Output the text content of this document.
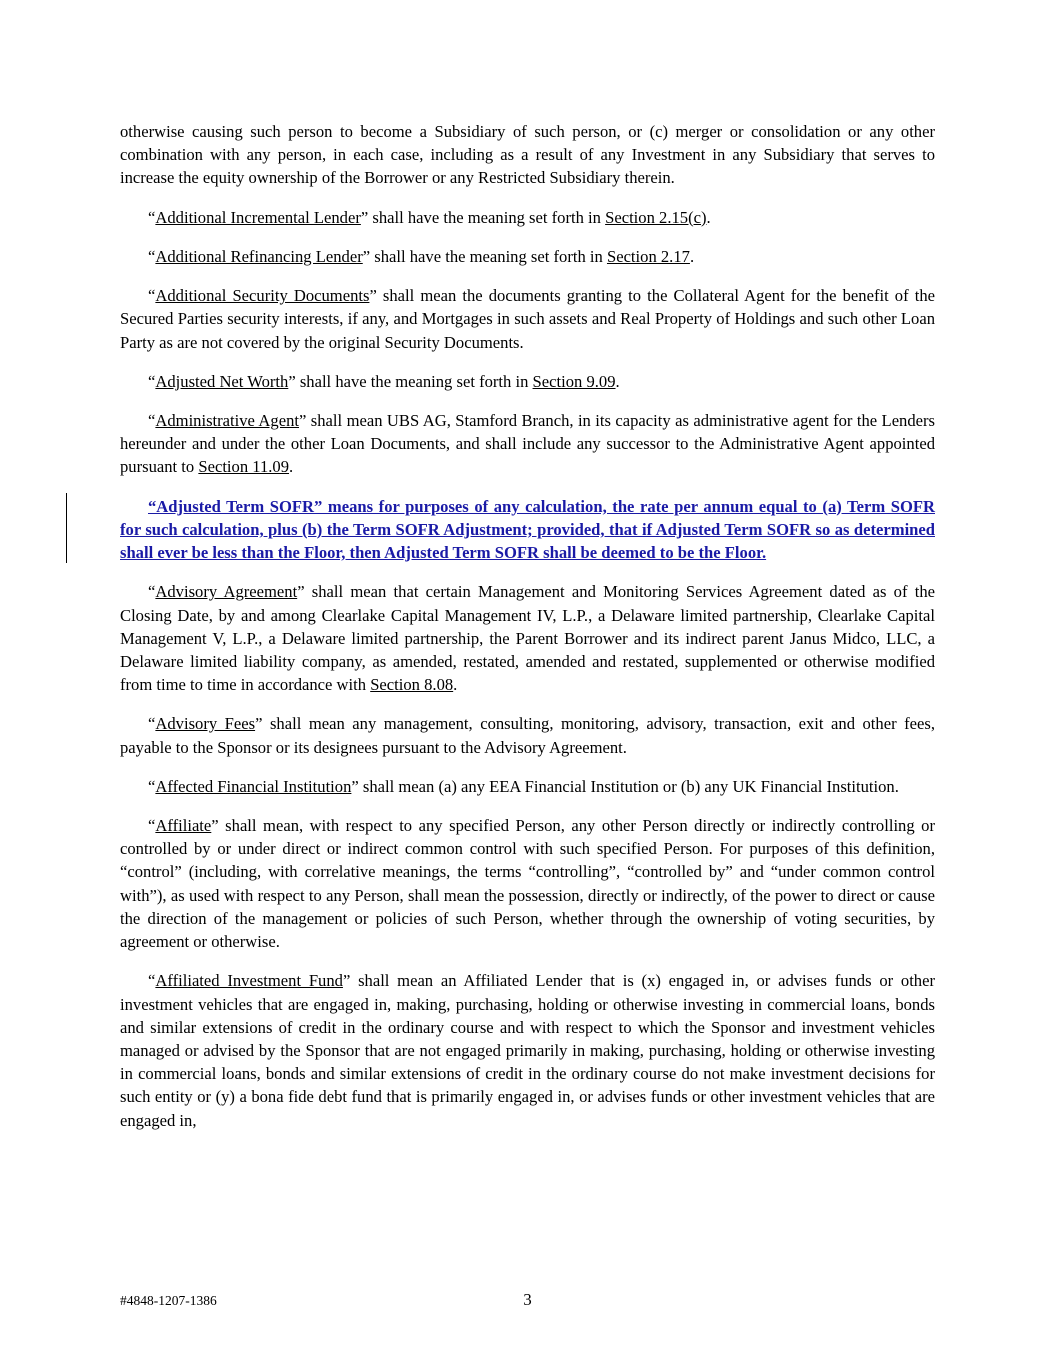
otherwise causing such person to become a Subsidiary of such person, or (c) merger or consolidation or any other combination with any person, in each case, including as a result of any Investment in any Subsidiary that serves to increase the equity ownership of the Borrower or any Restricted Subsidiary therein.

“Additional Incremental Lender” shall have the meaning set forth in Section 2.15(c).

“Additional Refinancing Lender” shall have the meaning set forth in Section 2.17.

“Additional Security Documents” shall mean the documents granting to the Collateral Agent for the benefit of the Secured Parties security interests, if any, and Mortgages in such assets and Real Property of Holdings and such other Loan Party as are not covered by the original Security Documents.

“Adjusted Net Worth” shall have the meaning set forth in Section 9.09.

“Administrative Agent” shall mean UBS AG, Stamford Branch, in its capacity as administrative agent for the Lenders hereunder and under the other Loan Documents, and shall include any successor to the Administrative Agent appointed pursuant to Section 11.09.

“Adjusted Term SOFR” means for purposes of any calculation, the rate per annum equal to (a) Term SOFR for such calculation, plus (b) the Term SOFR Adjustment; provided, that if Adjusted Term SOFR so as determined shall ever be less than the Floor, then Adjusted Term SOFR shall be deemed to be the Floor.

“Advisory Agreement” shall mean that certain Management and Monitoring Services Agreement dated as of the Closing Date, by and among Clearlake Capital Management IV, L.P., a Delaware limited partnership, Clearlake Capital Management V, L.P., a Delaware limited partnership, the Parent Borrower and its indirect parent Janus Midco, LLC, a Delaware limited liability company, as amended, restated, amended and restated, supplemented or otherwise modified from time to time in accordance with Section 8.08.

“Advisory Fees” shall mean any management, consulting, monitoring, advisory, transaction, exit and other fees, payable to the Sponsor or its designees pursuant to the Advisory Agreement.

“Affected Financial Institution” shall mean (a) any EEA Financial Institution or (b) any UK Financial Institution.

“Affiliate” shall mean, with respect to any specified Person, any other Person directly or indirectly controlling or controlled by or under direct or indirect common control with such specified Person. For purposes of this definition, “control” (including, with correlative meanings, the terms “controlling”, “controlled by” and “under common control with”), as used with respect to any Person, shall mean the possession, directly or indirectly, of the power to direct or cause the direction of the management or policies of such Person, whether through the ownership of voting securities, by agreement or otherwise.

“Affiliated Investment Fund” shall mean an Affiliated Lender that is (x) engaged in, or advises funds or other investment vehicles that are engaged in, making, purchasing, holding or otherwise investing in commercial loans, bonds and similar extensions of credit in the ordinary course and with respect to which the Sponsor and investment vehicles managed or advised by the Sponsor that are not engaged primarily in making, purchasing, holding or otherwise investing in commercial loans, bonds and similar extensions of credit in the ordinary course do not make investment decisions for such entity or (y) a bona fide debt fund that is primarily engaged in, or advises funds or other investment vehicles that are engaged in,

#4848-1207-1386	3
